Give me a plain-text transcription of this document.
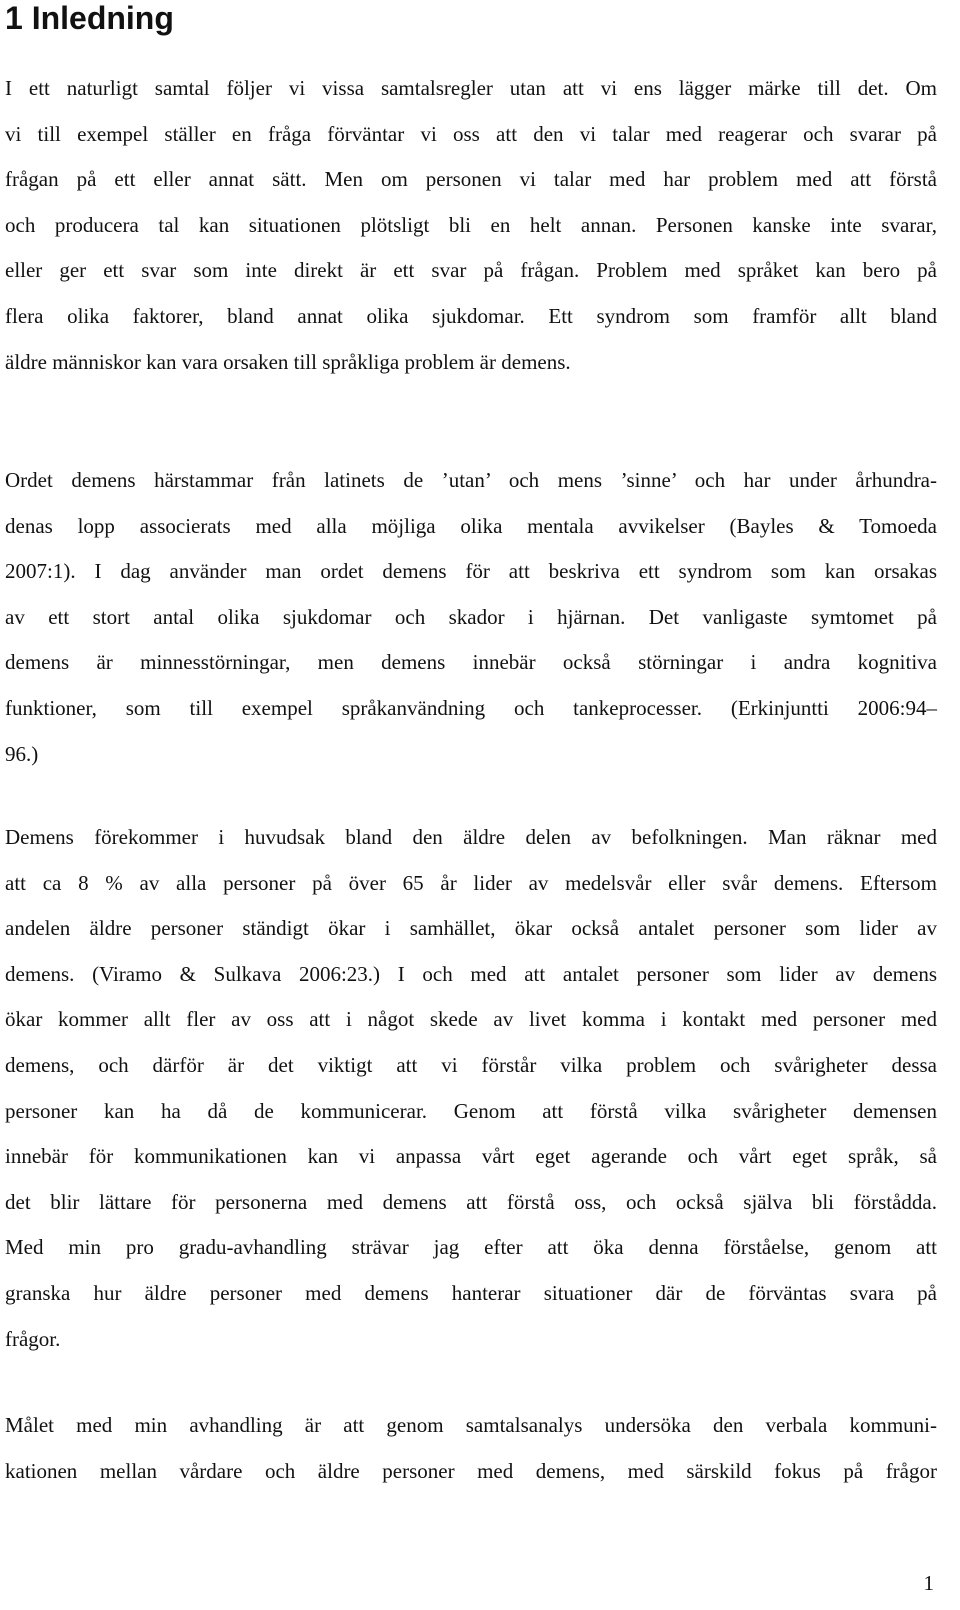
1 Inledning
I ett naturligt samtal följer vi vissa samtalsregler utan att vi ens lägger märke till det. Om
vi till exempel ställer en fråga förväntar vi oss att den vi talar med reagerar och svarar på
frågan på ett eller annat sätt. Men om personen vi talar med har problem med att förstå
och producera tal kan situationen plötsligt bli en helt annan. Personen kanske inte svarar,
eller ger ett svar som inte direkt är ett svar på frågan. Problem med språket kan bero på
flera olika faktorer, bland annat olika sjukdomar. Ett syndrom som framför allt bland
äldre människor kan vara orsaken till språkliga problem är demens.
Ordet demens härstammar från latinets de ’utan’ och mens ’sinne’ och har under århundra-
denas lopp associerats med alla möjliga olika mentala avvikelser (Bayles & Tomoeda
2007:1). I dag använder man ordet demens för att beskriva ett syndrom som kan orsakas
av ett stort antal olika sjukdomar och skador i hjärnan. Det vanligaste symtomet på
demens är minnesstörningar, men demens innebär också störningar i andra kognitiva
funktioner, som till exempel språkanvändning och tankeprocesser. (Erkinjuntti 2006:94–
96.)
Demens förekommer i huvudsak bland den äldre delen av befolkningen. Man räknar med
att ca 8 % av alla personer på över 65 år lider av medelsvår eller svår demens. Eftersom
andelen äldre personer ständigt ökar i samhället, ökar också antalet personer som lider av
demens. (Viramo & Sulkava 2006:23.) I och med att antalet personer som lider av demens
ökar kommer allt fler av oss att i något skede av livet komma i kontakt med personer med
demens, och därför är det viktigt att vi förstår vilka problem och svårigheter dessa
personer kan ha då de kommunicerar. Genom att förstå vilka svårigheter demensen
innebär för kommunikationen kan vi anpassa vårt eget agerande och vårt eget språk, så
det blir lättare för personerna med demens att förstå oss, och också själva bli förstådda.
Med min pro gradu-avhandling strävar jag efter att öka denna förståelse, genom att
granska hur äldre personer med demens hanterar situationer där de förväntas svara på
frågor.
Målet med min avhandling är att genom samtalsanalys undersöka den verbala kommuni-
kationen mellan vårdare och äldre personer med demens, med särskild fokus på frågor
1
